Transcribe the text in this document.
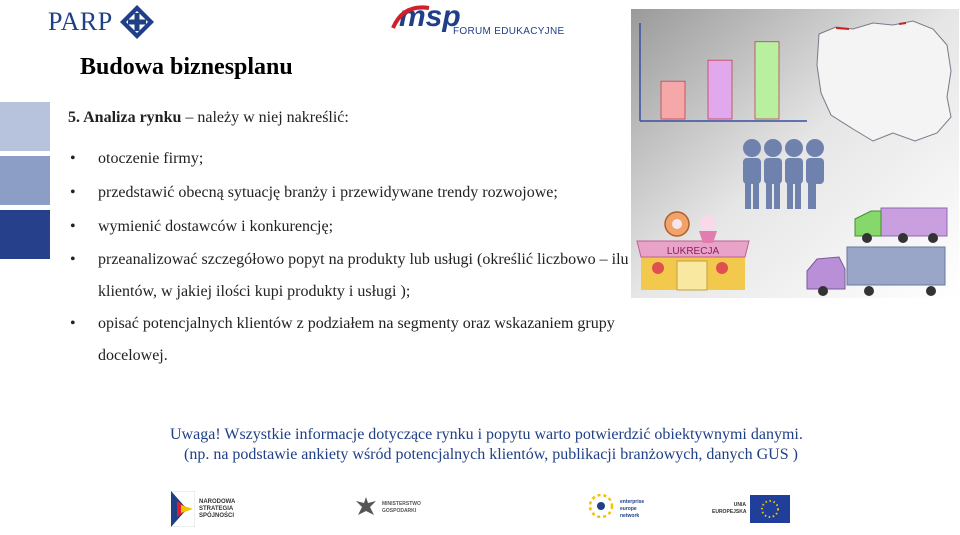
PARP	msp
FORUM EDUKACYJNE
Budowa biznesplanu
5. Analiza rynku – należy w niej nakreślić:
• otoczenie firmy;
• przedstawić obecną sytuację branży i przewidywane trendy rozwojowe;
• wymienić dostawców i konkurencję;
• przeanalizować szczegółowo popyt na produkty lub usługi (określić liczbowo – ilu klientów, w jakiej ilości kupi produkty i usługi );
• opisać potencjalnych klientów z podziałem na segmenty oraz wskazaniem grupy docelowej.
Uwaga! Wszystkie informacje dotyczące rynku i popytu warto potwierdzić obiektywnymi danymi.
(np. na podstawie ankiety wśród potencjalnych klientów, publikacji branżowych, danych GUS )
LUKRECJA
NARODOWA STRATEGIA SPÓJNOŚCI
MINISTERSTWO GOSPODARKI
enterprise europe network
UNIA EUROPEJSKA
